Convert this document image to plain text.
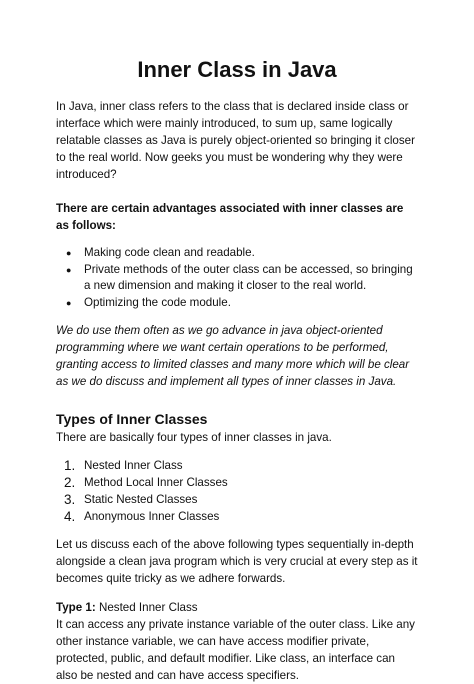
Inner Class in Java

In Java, inner class refers to the class that is declared inside class or interface which were mainly introduced, to sum up, same logically relatable classes as Java is purely object-oriented so bringing it closer to the real world. Now geeks you must be wondering why they were introduced?

There are certain advantages associated with inner classes are as follows:

● Making code clean and readable.
● Private methods of the outer class can be accessed, so bringing a new dimension and making it closer to the real world.
● Optimizing the code module.

We do use them often as we go advance in java object-oriented programming where we want certain operations to be performed, granting access to limited classes and many more which will be clear as we do discuss and implement all types of inner classes in Java.

Types of Inner Classes

There are basically four types of inner classes in java.

1. Nested Inner Class
2. Method Local Inner Classes
3. Static Nested Classes
4. Anonymous Inner Classes

Let us discuss each of the above following types sequentially in-depth alongside a clean java program which is very crucial at every step as it becomes quite tricky as we adhere forwards.

Type 1: Nested Inner Class

It can access any private instance variable of the outer class. Like any other instance variable, we can have access modifier private, protected, public, and default modifier. Like class, an interface can also be nested and can have access specifiers.
